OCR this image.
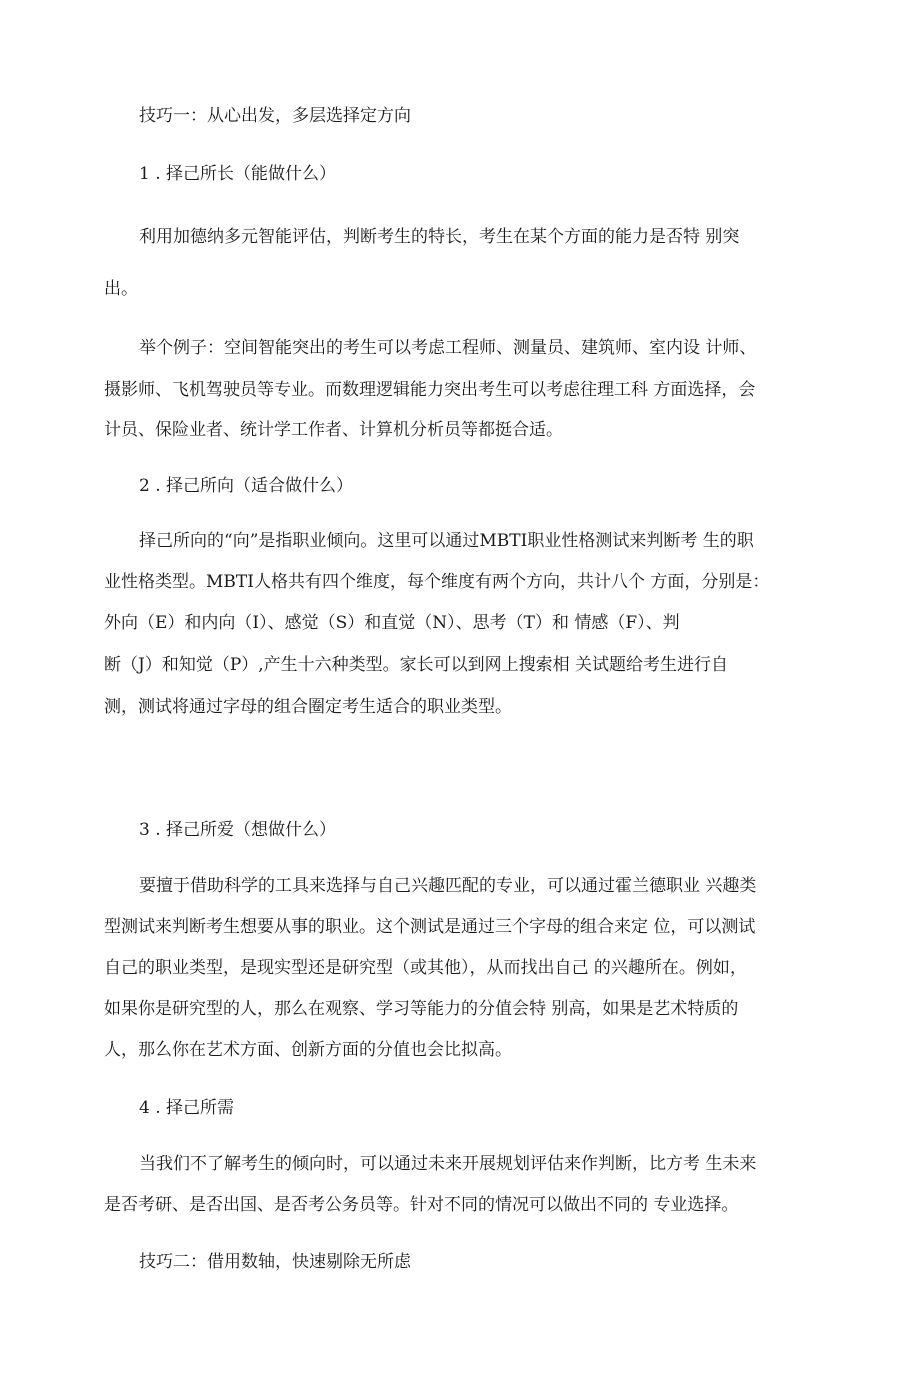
技巧一：从心出发，多层选择定方向
1 . 择己所长（能做什么）
利用加德纳多元智能评估，判断考生的特长，考生在某个方面的能力是否特 别突
出。
举个例子：空间智能突出的考生可以考虑工程师、测量员、建筑师、室内设 计师、
摄影师、飞机驾驶员等专业。而数理逻辑能力突出考生可以考虑往理工科 方面选择，会
计员、保险业者、统计学工作者、计算机分析员等都挺合适。
2 . 择己所向（适合做什么）
择己所向的“向”是指职业倾向。这里可以通过MBTI职业性格测试来判断考 生的职
业性格类型。MBTI人格共有四个维度，每个维度有两个方向，共计八个 方面，分别是：
外向（E）和内向（I）、感觉（S）和直觉（N）、思考（T）和 情感（F）、判
断（J）和知觉（P）,产生十六种类型。家长可以到网上搜索相 关试题给考生进行自
测，测试将通过字母的组合圈定考生适合的职业类型。
3 . 择己所爱（想做什么）
要擅于借助科学的工具来选择与自己兴趣匹配的专业，可以通过霍兰德职业 兴趣类
型测试来判断考生想要从事的职业。这个测试是通过三个字母的组合来定 位，可以测试
自己的职业类型，是现实型还是研究型（或其他），从而找出自己 的兴趣所在。例如，
如果你是研究型的人，那么在观察、学习等能力的分值会特 别高，如果是艺术特质的
人，那么你在艺术方面、创新方面的分值也会比拟高。
4 . 择己所需
当我们不了解考生的倾向时，可以通过未来开展规划评估来作判断，比方考 生未来
是否考研、是否出国、是否考公务员等。针对不同的情况可以做出不同的 专业选择。
技巧二：借用数轴，快速剔除无所虑
